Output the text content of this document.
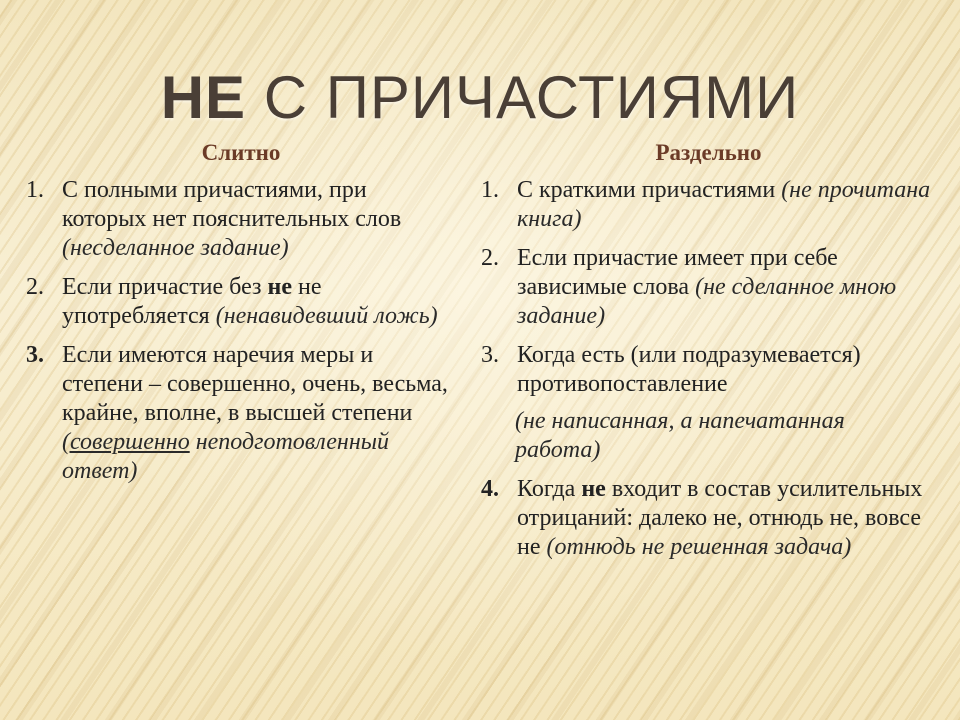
НЕ С ПРИЧАСТИЯМИ
Слитно
1. С полными причастиями, при которых нет пояснительных слов (несделанное задание)
2. Если причастие без не не употребляется (ненавидевший ложь)
3. Если имеются наречия меры и степени – совершенно, очень, весьма, крайне, вполне, в высшей степени (совершенно неподготовленный ответ)
Раздельно
1. С краткими причастиями (не прочитана книга)
2. Если причастие имеет при себе зависимые слова (не сделанное мною задание)
3. Когда есть (или подразумевается) противопоставление
(не написанная, а напечатанная работа)
4. Когда не входит в состав усилительных отрицаний: далеко не, отнюдь не, вовсе не (отнюдь не решенная задача)
